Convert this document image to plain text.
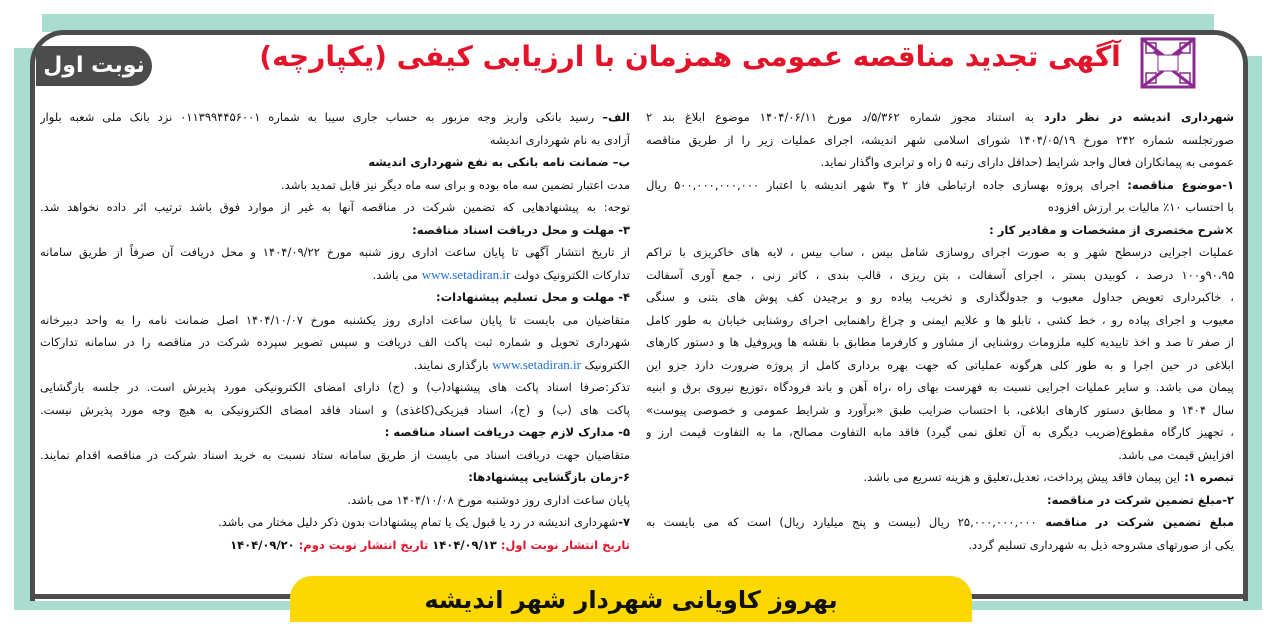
نوبت اول	آگهی تجدید مناقصه عمومی همزمان با ارزیابی کیفی (یکپارچه)
شهرداری اندیشه در نظر دارد به استناد مجوز شماره ۵/۳۶۲/د مورخ ۱۴۰۴/۰۶/۱۱ موضوع ابلاغ بند ۲
صورتجلسه شماره ۲۴۲ مورخ ۱۴۰۴/۰۵/۱۹ شورای اسلامی شهر اندیشه، اجرای عملیات زیر را از طریق مناقصه
عمومی به پیمانکاران فعال واجد شرایط (حداقل دارای رتبه ۵ راه و ترابری واگذار نماید.
۱-موضوع مناقصه: اجرای پروژه بهسازی جاده ارتباطی فاز ۲ و۳ شهر اندیشه با اعتبار ۵۰۰,۰۰۰,۰۰۰,۰۰۰ ریال
با احتساب ۱۰٪ مالیات بر ارزش افزوده
×شرح مختصری از مشخصات و مقادیر کار :
عملیات اجرایی درسطح شهر و به صورت اجرای روسازی شامل بیس ، ساب بیس ، لایه های خاکریزی با تراکم
۹۰،۹۵و۱۰۰ درصد ، کوبیدن بستر ، اجرای آسفالت ، بتن ریزی ، قالب بندی ، کاتر زنی ، جمع آوری آسفالت
، خاکبرداری تعویض جداول معیوب و جدولگذاری و تخریب پیاده رو و برچیدن کف پوش های بتنی و سنگی
معیوب و اجرای پیاده رو ، خط کشی ، تابلو ها و علایم ایمنی و چراغ راهنمایی اجرای روشنایی خیابان به طور کامل
از صفر تا صد و اخذ تاییدیه کلیه ملزومات روشنایی از مشاور و کارفرما مطابق با نقشه ها وپروفیل ها و دستور کارهای
ابلاغی در حین اجرا و به طور کلی هرگونه عملیاتی که جهت بهره برداری کامل از پروژه ضرورت دارد جزو این
پیمان می باشد. و سایر عملیات اجرایی نسبت به فهرست بهای راه ،راه آهن و باند فرودگاه ،توزیع نیروی برق و ابنیه
سال ۱۴۰۴ و مطابق دستور کارهای ابلاغی، با احتساب ضرایب طبق «برآورد و شرایط عمومی و خصوصی پیوست»
، تجهیز کارگاه مقطوع(ضریب دیگری به آن تعلق نمی گیرد) فاقد مابه التفاوت مصالح، ما به التفاوت قیمت ارز و
افزایش قیمت می باشد.
تبصره ۱: این پیمان فاقد پیش پرداخت، تعدیل،تعلیق و هزینه تسریع می باشد.
۲-مبلغ تضمین شرکت در مناقصه:
مبلغ تضمین شرکت در مناقصه ۲۵,۰۰۰,۰۰۰,۰۰۰ ریال (بیست و پنج میلیارد ریال) است که می بایست به
یکی از صورتهای مشروحه ذیل به شهرداری تسلیم گردد.
الف– رسید بانکی واریز وجه مزبور به حساب جاری سیبا به شماره ۰۱۱۳۹۹۴۴۵۶۰۰۱ نزد بانک ملی شعبه بلوار
آزادی به نام شهرداری اندیشه
ب– ضمانت نامه بانکی به نفع شهرداری اندیشه
مدت اعتبار تضمین سه ماه بوده و برای سه ماه دیگر نیز قابل تمدید باشد.
توجه: به پیشنهادهایی که تضمین شرکت در مناقصه آنها به غیر از موارد فوق باشد ترتیب اثر داده نخواهد شد.
۳- مهلت و محل دریافت اسناد مناقصه:
از تاریخ انتشار آگهی تا پایان ساعت اداری روز شنبه مورخ ۱۴۰۴/۰۹/۲۲ و محل دریافت آن صرفاً از طریق سامانه
تدارکات الکترونیک دولت www.setadiran.ir می باشد.
۴- مهلت و محل تسلیم پیشنهادات:
متقاضیان می بایست تا پایان ساعت اداری روز یکشنبه مورخ ۱۴۰۴/۱۰/۰۷ اصل ضمانت نامه را به واحد دبیرخانه
شهرداری تحویل و شماره ثبت پاکت الف دریافت و سپس تصویر سپرده شرکت در مناقصه را در سامانه تدارکات
الکترونیک www.setadiran.ir بارگذاری نمایند.
تذکر:صرفا اسناد پاکت های پیشنهاد(ب) و (ج) دارای امضای الکترونیکی مورد پذیرش است. در جلسه بازگشایی
پاکت های (ب) و (ج)، اسناد فیزیکی(کاغذی) و اسناد فاقد امضای الکترونیکی به هیچ وجه مورد پذیرش نیست.
۵- مدارک لازم جهت دریافت اسناد مناقصه :
متقاضیان جهت دریافت اسناد می بایست از طریق سامانه ستاد نسبت به خرید اسناد شرکت در مناقصه اقدام نمایند.
۶-زمان بازگشایی پیشنهادها:
پایان ساعت اداری روز دوشنبه مورخ ۱۴۰۴/۱۰/۰۸ می باشد.
۷-شهرداری اندیشه در رد یا قبول یک یا تمام پیشنهادات بدون ذکر دلیل مختار می باشد.
تاریخ انتشار نوبت اول: ۱۴۰۴/۰۹/۱۳ تاریخ انتشار نوبت دوم: ۱۴۰۴/۰۹/۲۰
بهروز کاویانی شهردار شهر اندیشه
